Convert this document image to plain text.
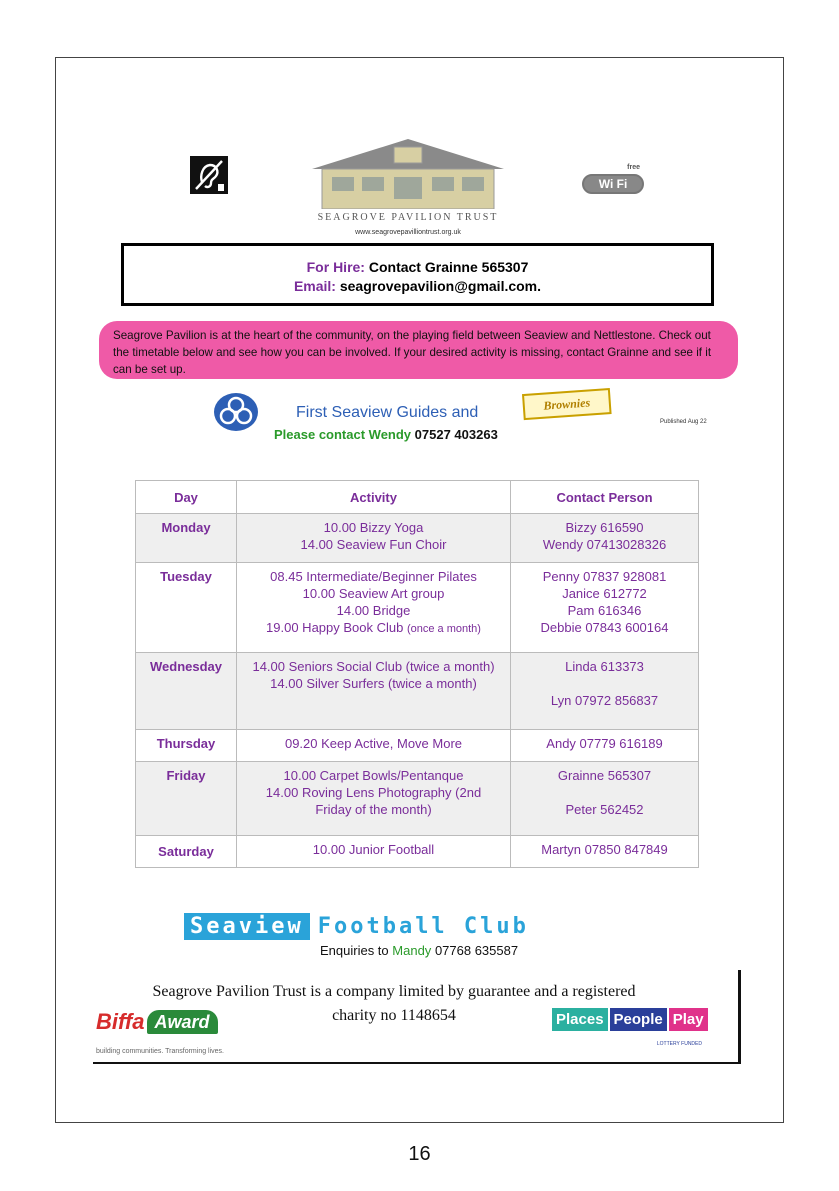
SEAGROVE PAVILION TRUST
www.seagrovepavilliontrust.org.uk
free
Wi Fi
For Hire: Contact Grainne 565307
Email: seagrovepavilion@gmail.com.
Seagrove Pavilion is at the heart of the community, on the playing field between Seaview and Nettlestone. Check out the timetable below and see how you can be involved. If your desired activity is missing, contact Grainne and see if it can be set up.
First Seaview Guides and
Please contact Wendy 07527 403263
Brownies
Published Aug 22
Day	Activity	Contact Person
Monday	10.00 Bizzy Yoga
14.00 Seaview Fun Choir	Bizzy 616590
Wendy 07413028326

Tuesday	08.45 Intermediate/Beginner Pilates
10.00 Seaview Art group
14.00 Bridge
19.00 Happy Book Club (once a month)	Penny 07837 928081
Janice 612772
Pam 616346
Debbie 07843 600164

Wednesday	14.00 Seniors Social Club (twice a month)
14.00 Silver Surfers (twice a month)	Linda 613373
Lyn 07972 856837

Thursday	09.20 Keep Active, Move More	Andy 07779 616189

Friday	10.00 Carpet Bowls/Pentanque
14.00 Roving Lens Photography (2nd Friday of the month)	Grainne 565307
Peter 562452

Saturday	10.00 Junior Football	Martyn 07850 847849
Seaview Football Club
Enquiries to Mandy 07768 635587
Seagrove Pavilion Trust is a company limited by guarantee and a registered charity no 1148654
Biffa Award
building communities. Transforming lives.
Places People Play
LOTTERY FUNDED
16
